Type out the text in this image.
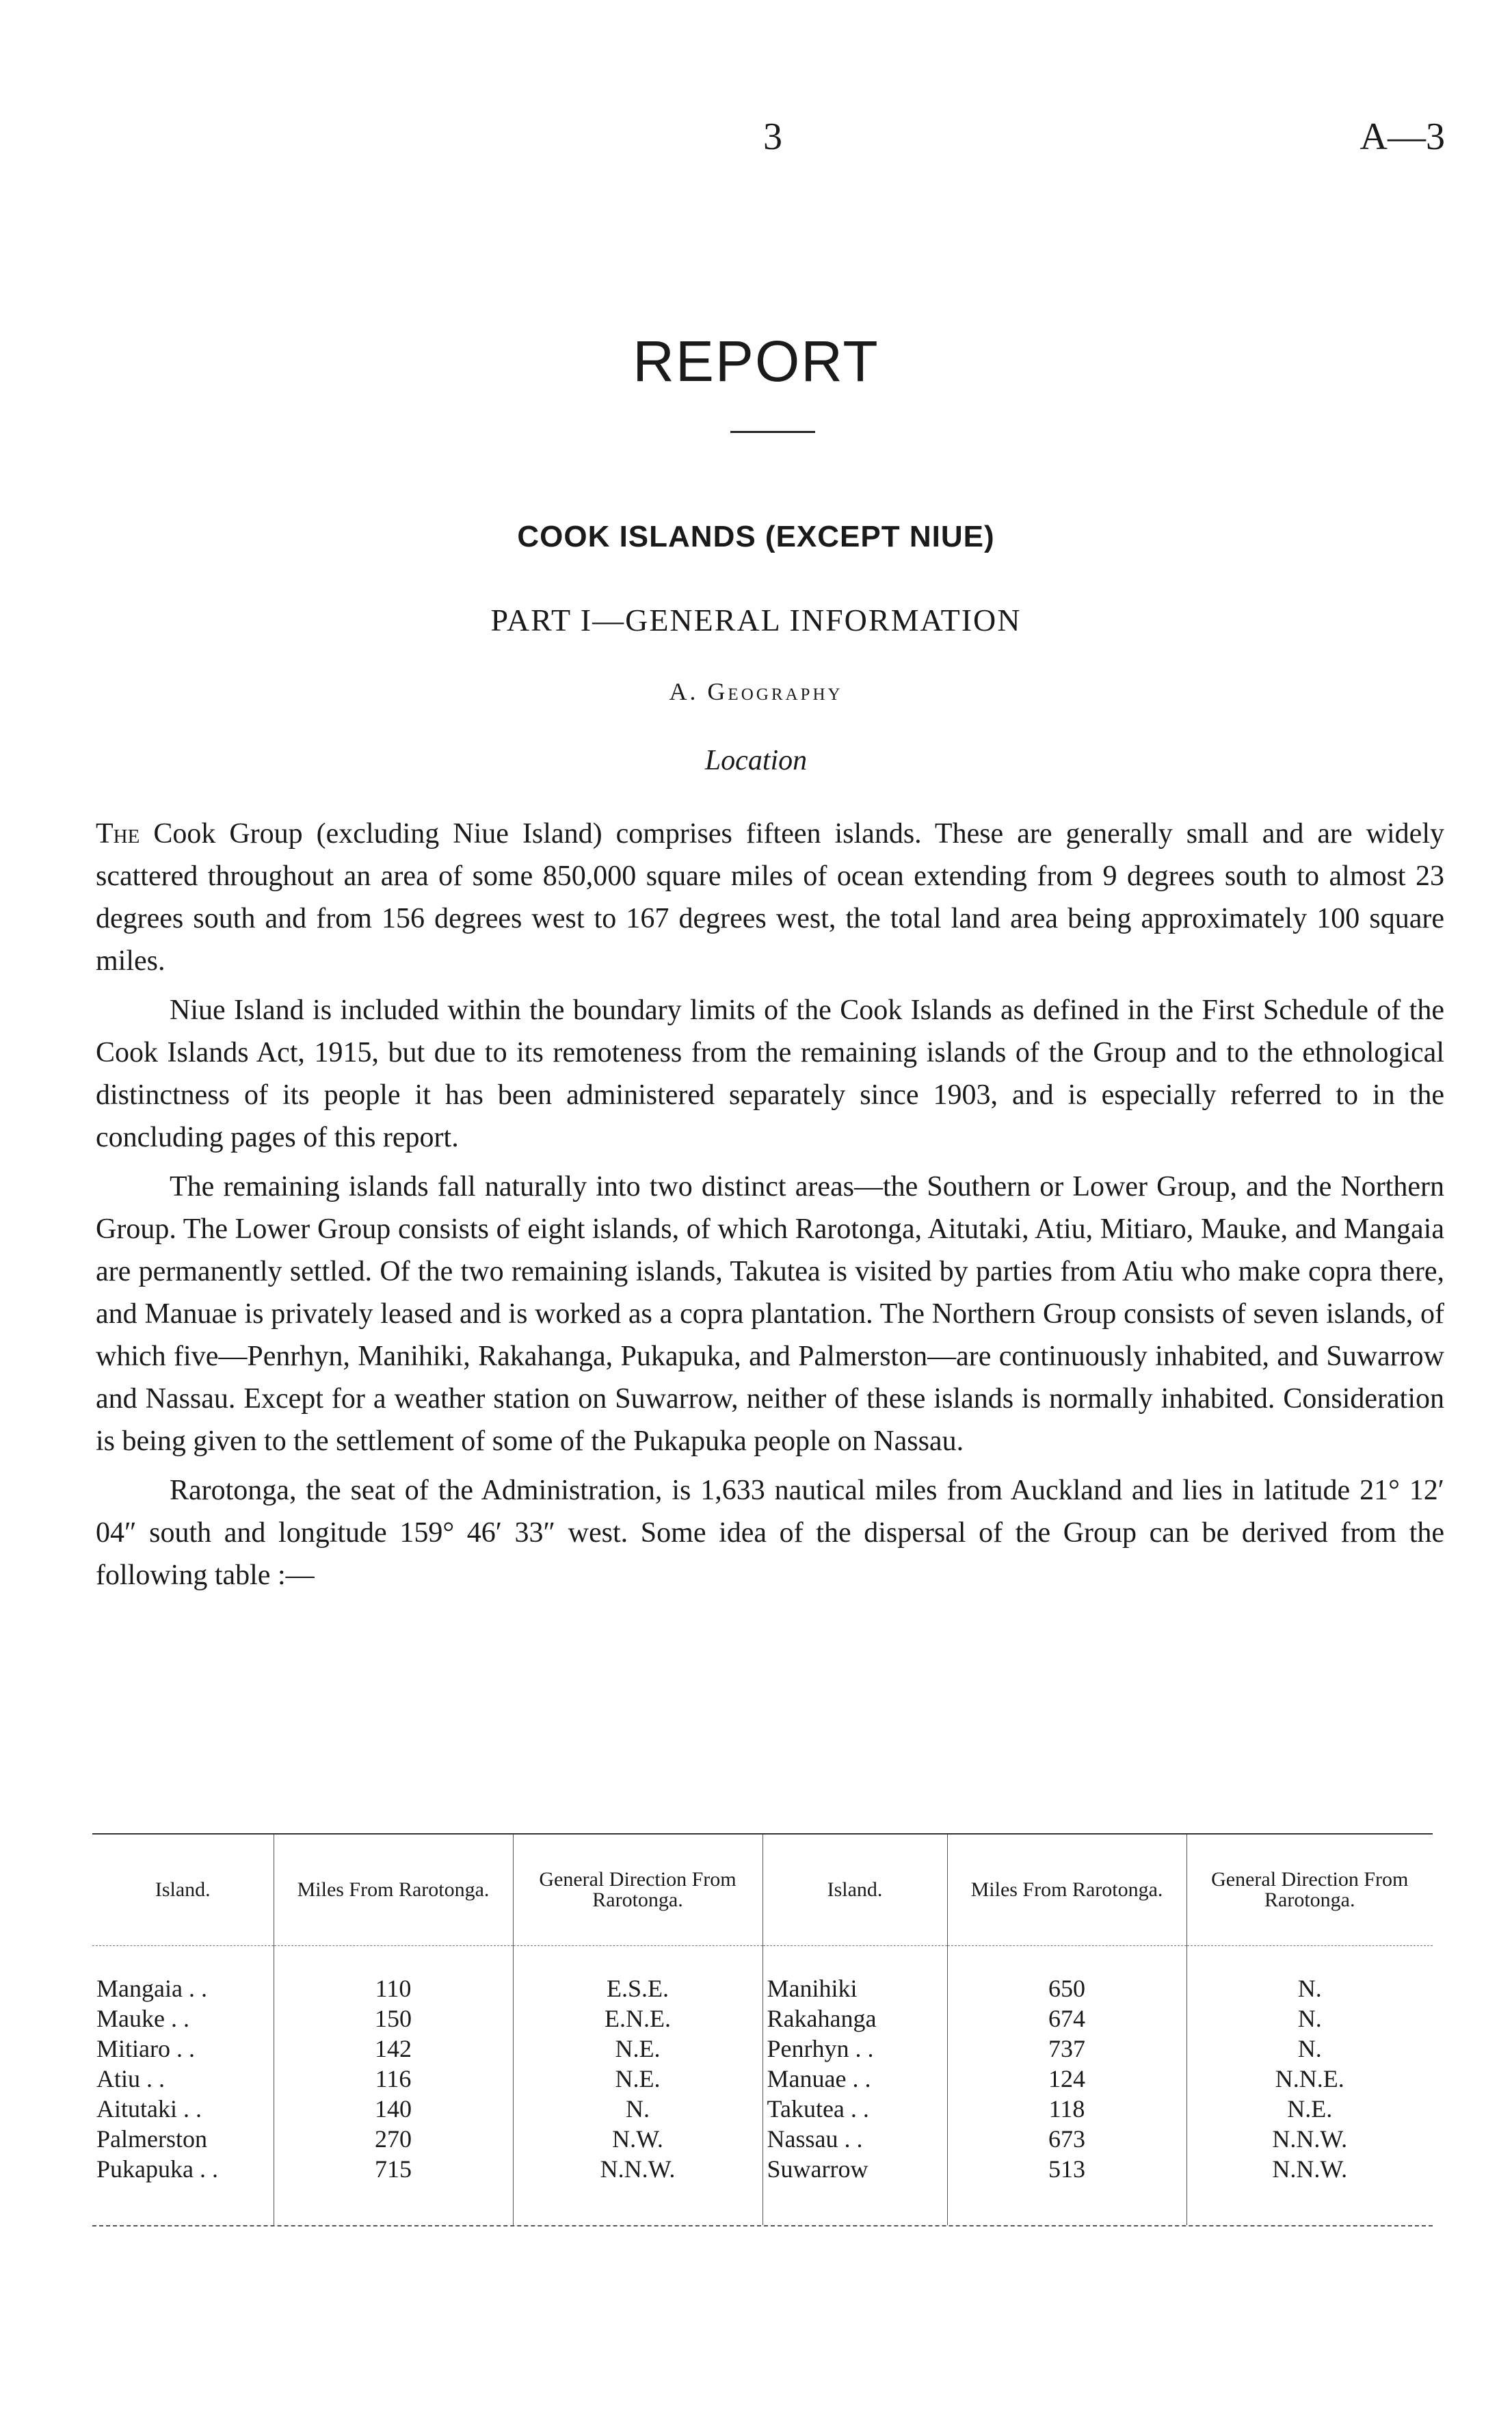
3	A—3
REPORT
COOK ISLANDS (EXCEPT NIUE)
PART I—GENERAL INFORMATION
A. Geography
Location

The Cook Group (excluding Niue Island) comprises fifteen islands. These are generally small and are widely scattered throughout an area of some 850,000 square miles of ocean extending from 9 degrees south to almost 23 degrees south and from 156 degrees west to 167 degrees west, the total land area being approximately 100 square miles.

Niue Island is included within the boundary limits of the Cook Islands as defined in the First Schedule of the Cook Islands Act, 1915, but due to its remoteness from the remaining islands of the Group and to the ethnological distinctness of its people it has been administered separately since 1903, and is especially referred to in the concluding pages of this report.

The remaining islands fall naturally into two distinct areas—the Southern or Lower Group, and the Northern Group. The Lower Group consists of eight islands, of which Rarotonga, Aitutaki, Atiu, Mitiaro, Mauke, and Mangaia are permanently settled. Of the two remaining islands, Takutea is visited by parties from Atiu who make copra there, and Manuae is privately leased and is worked as a copra plantation. The Northern Group consists of seven islands, of which five—Penrhyn, Manihiki, Rakahanga, Pukapuka, and Palmerston—are continuously inhabited, and Suwarrow and Nassau. Except for a weather station on Suwarrow, neither of these islands is normally inhabited. Consideration is being given to the settlement of some of the Pukapuka people on Nassau.

Rarotonga, the seat of the Administration, is 1,633 nautical miles from Auckland and lies in latitude 21° 12′ 04″ south and longitude 159° 46′ 33″ west. Some idea of the dispersal of the Group can be derived from the following table :—

Island.	Miles From Rarotonga.	General Direction From Rarotonga.	Island.	Miles From Rarotonga.	General Direction From Rarotonga.
Mangaia . .	110	E.S.E.	Manihiki	650	N.
Mauke . .	150	E.N.E.	Rakahanga	674	N.
Mitiaro . .	142	N.E.	Penrhyn . .	737	N.
Atiu . .	116	N.E.	Manuae . .	124	N.N.E.
Aitutaki . .	140	N.	Takutea . .	118	N.E.
Palmerston	270	N.W.	Nassau . .	673	N.N.W.
Pukapuka . .	715	N.N.W.	Suwarrow	513	N.N.W.
